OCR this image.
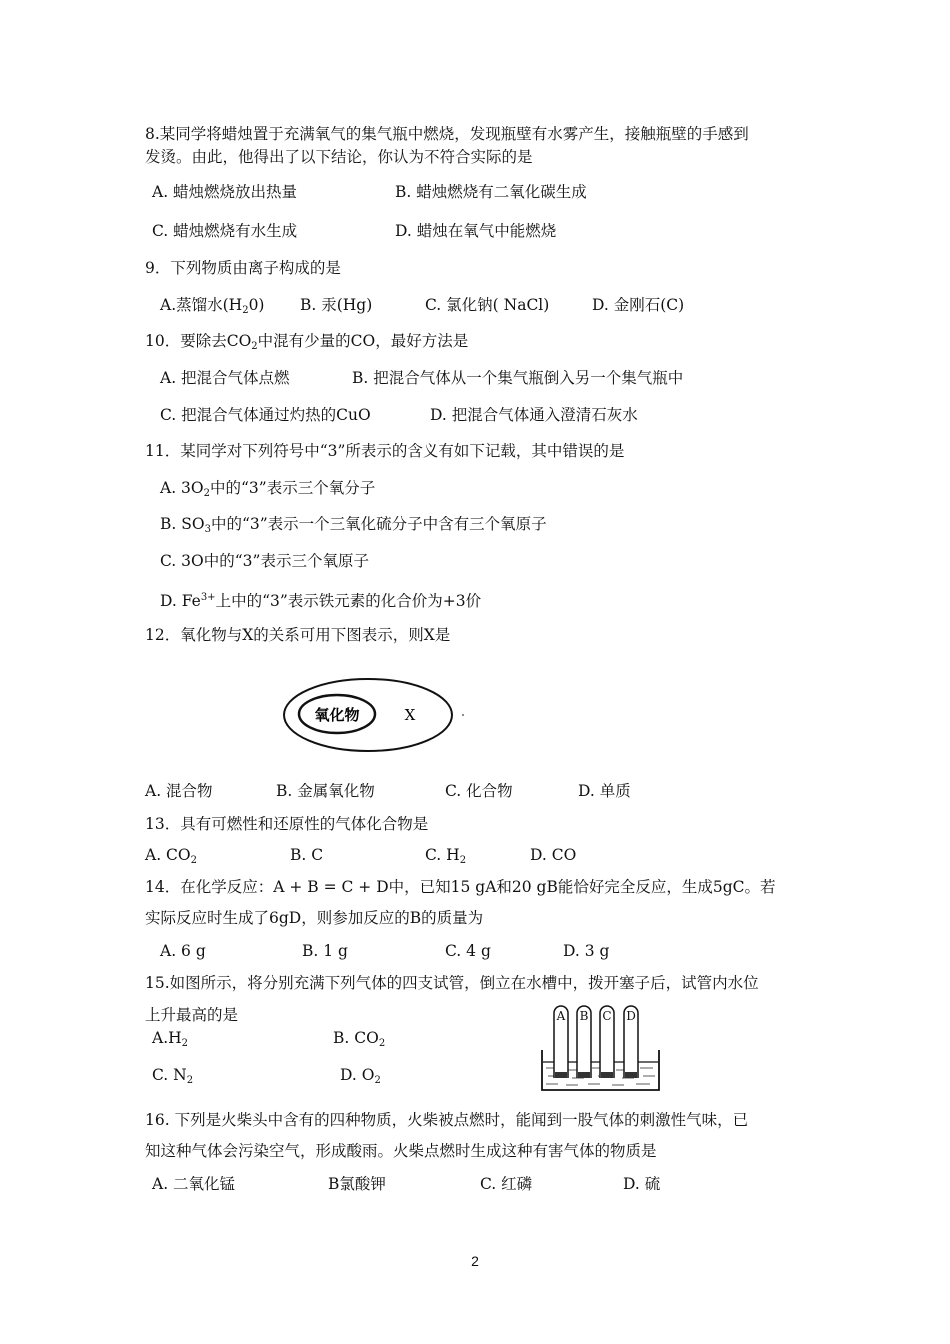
8.某同学将蜡烛置于充满氧气的集气瓶中燃烧，发现瓶壁有水雾产生，接触瓶壁的手感到
发烫。由此，他得出了以下结论，你认为不符合实际的是
A. 蜡烛燃烧放出热量	B. 蜡烛燃烧有二氧化碳生成
C. 蜡烛燃烧有水生成	D. 蜡烛在氧气中能燃烧
9．下列物质由离子构成的是
A.蒸馏水$(H_20)$ B. 汞(Hg)	C. 氯化钠( NaCl)	D. 金刚石(C)
10．要除去$CO_2$中混有少量的CO，最好方法是
A. 把混合气体点燃	B. 把混合气体从一个集气瓶倒入另一个集气瓶中
C. 把混合气体通过灼热的CuO	D. 把混合气体通入澄清石灰水
11．某同学对下列符号中“3”所表示的含义有如下记载，其中错误的是
A. $3O_2$中的“3”表示三个氧分子
B. $SO_3$中的“3”表示一个三氧化硫分子中含有三个氧原子
C. 3O中的“3”表示三个氧原子
D. $Fe^{3+}$上中的“3”表示铁元素的化合价为+3价
12．氧化物与X的关系可用下图表示，则X是
氧化物	X
A. 混合物	B. 金属氧化物	C. 化合物	D. 单质
13．具有可燃性和还原性的气体化合物是
A. $CO_2$	B. C	C. $H_2$	D. CO
14．在化学反应：A + B = C + D中，已知15 gA和20 gB能恰好完全反应，生成5gC。若
实际反应时生成了6gD，则参加反应的B的质量为
A. 6 g	B. 1 g	C. 4 g	D. 3 g
15.如图所示，将分别充满下列气体的四支试管，倒立在水槽中，拨开塞子后，试管内水位
上升最高的是
$A.H_2$	B. $CO_2$
C. $N_2$	D. $O_2$
A B C D
16. 下列是火柴头中含有的四种物质，火柴被点燃时，能闻到一股气体的刺激性气味，已
知这种气体会污染空气，形成酸雨。火柴点燃时生成这种有害气体的物质是
A. 二氧化锰	B氯酸钾	C. 红磷	D. 硫
2
